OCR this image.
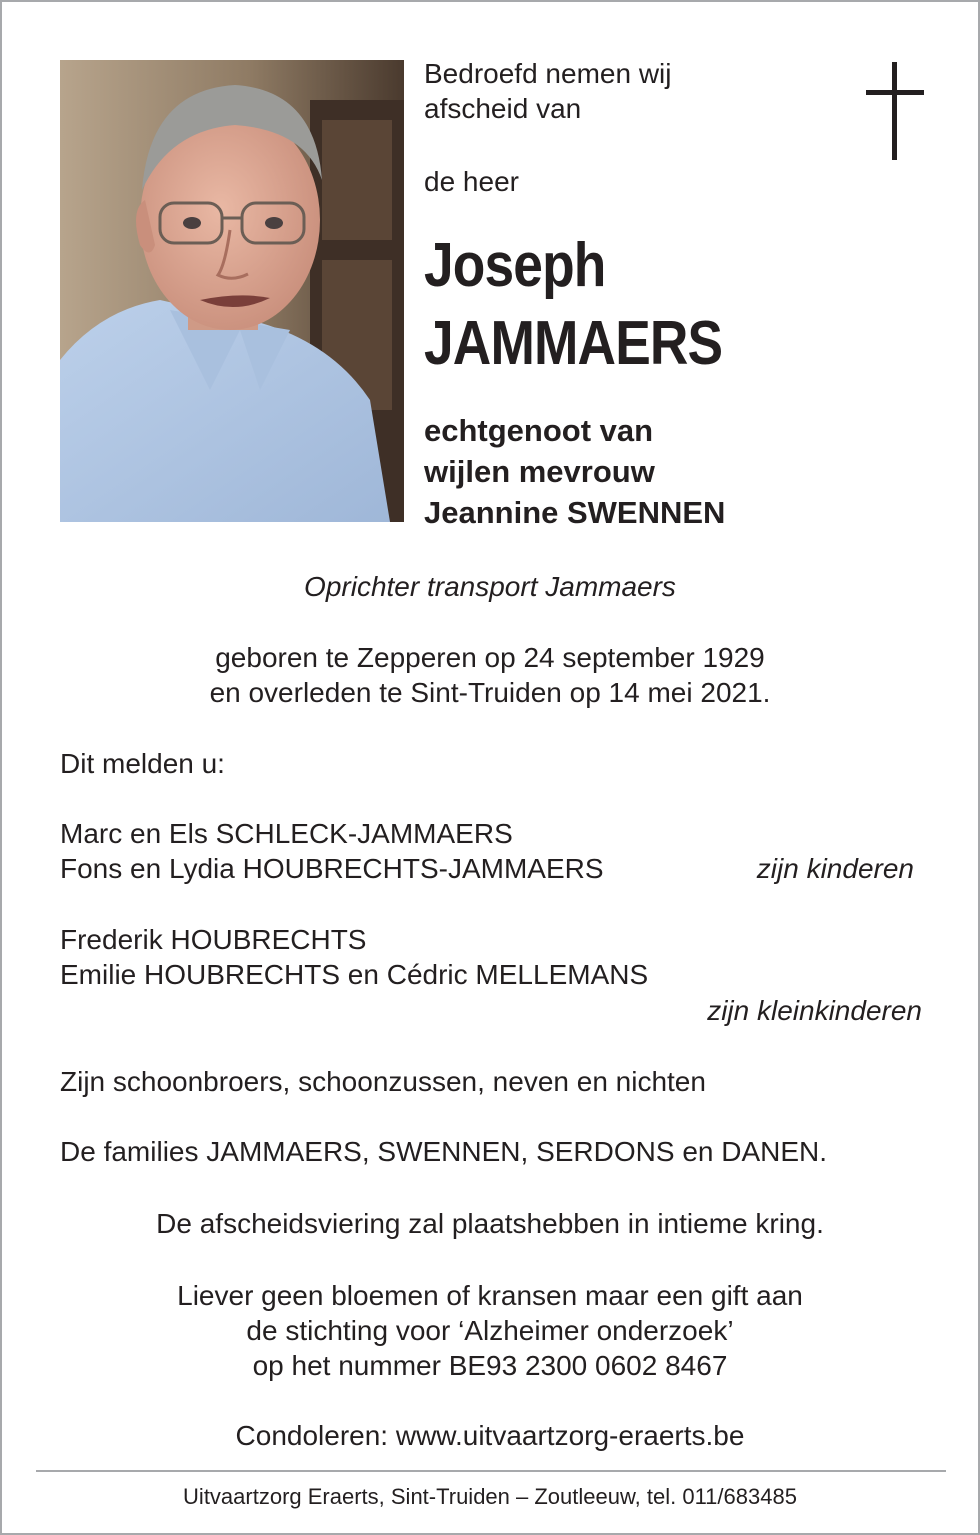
Bedroefd nemen wij
afscheid van
de heer
Joseph
JAMMAERS
echtgenoot van
wijlen mevrouw
Jeannine SWENNEN
Oprichter transport Jammaers
geboren te Zepperen op 24 september 1929
en overleden te Sint-Truiden op 14 mei 2021.
Dit melden u:
Marc en Els SCHLECK-JAMMAERS
Fons en Lydia HOUBRECHTS-JAMMAERS	zijn kinderen
Frederik HOUBRECHTS
Emilie HOUBRECHTS en Cédric MELLEMANS
zijn kleinkinderen
Zijn schoonbroers, schoonzussen, neven en nichten
De families JAMMAERS, SWENNEN, SERDONS en DANEN.
De afscheidsviering zal plaatshebben in intieme kring.
Liever geen bloemen of kransen maar een gift aan
de stichting voor ‘Alzheimer onderzoek’
op het nummer BE93 2300 0602 8467
Condoleren: www.uitvaartzorg-eraerts.be
Uitvaartzorg Eraerts, Sint-Truiden – Zoutleeuw, tel. 011/683485
